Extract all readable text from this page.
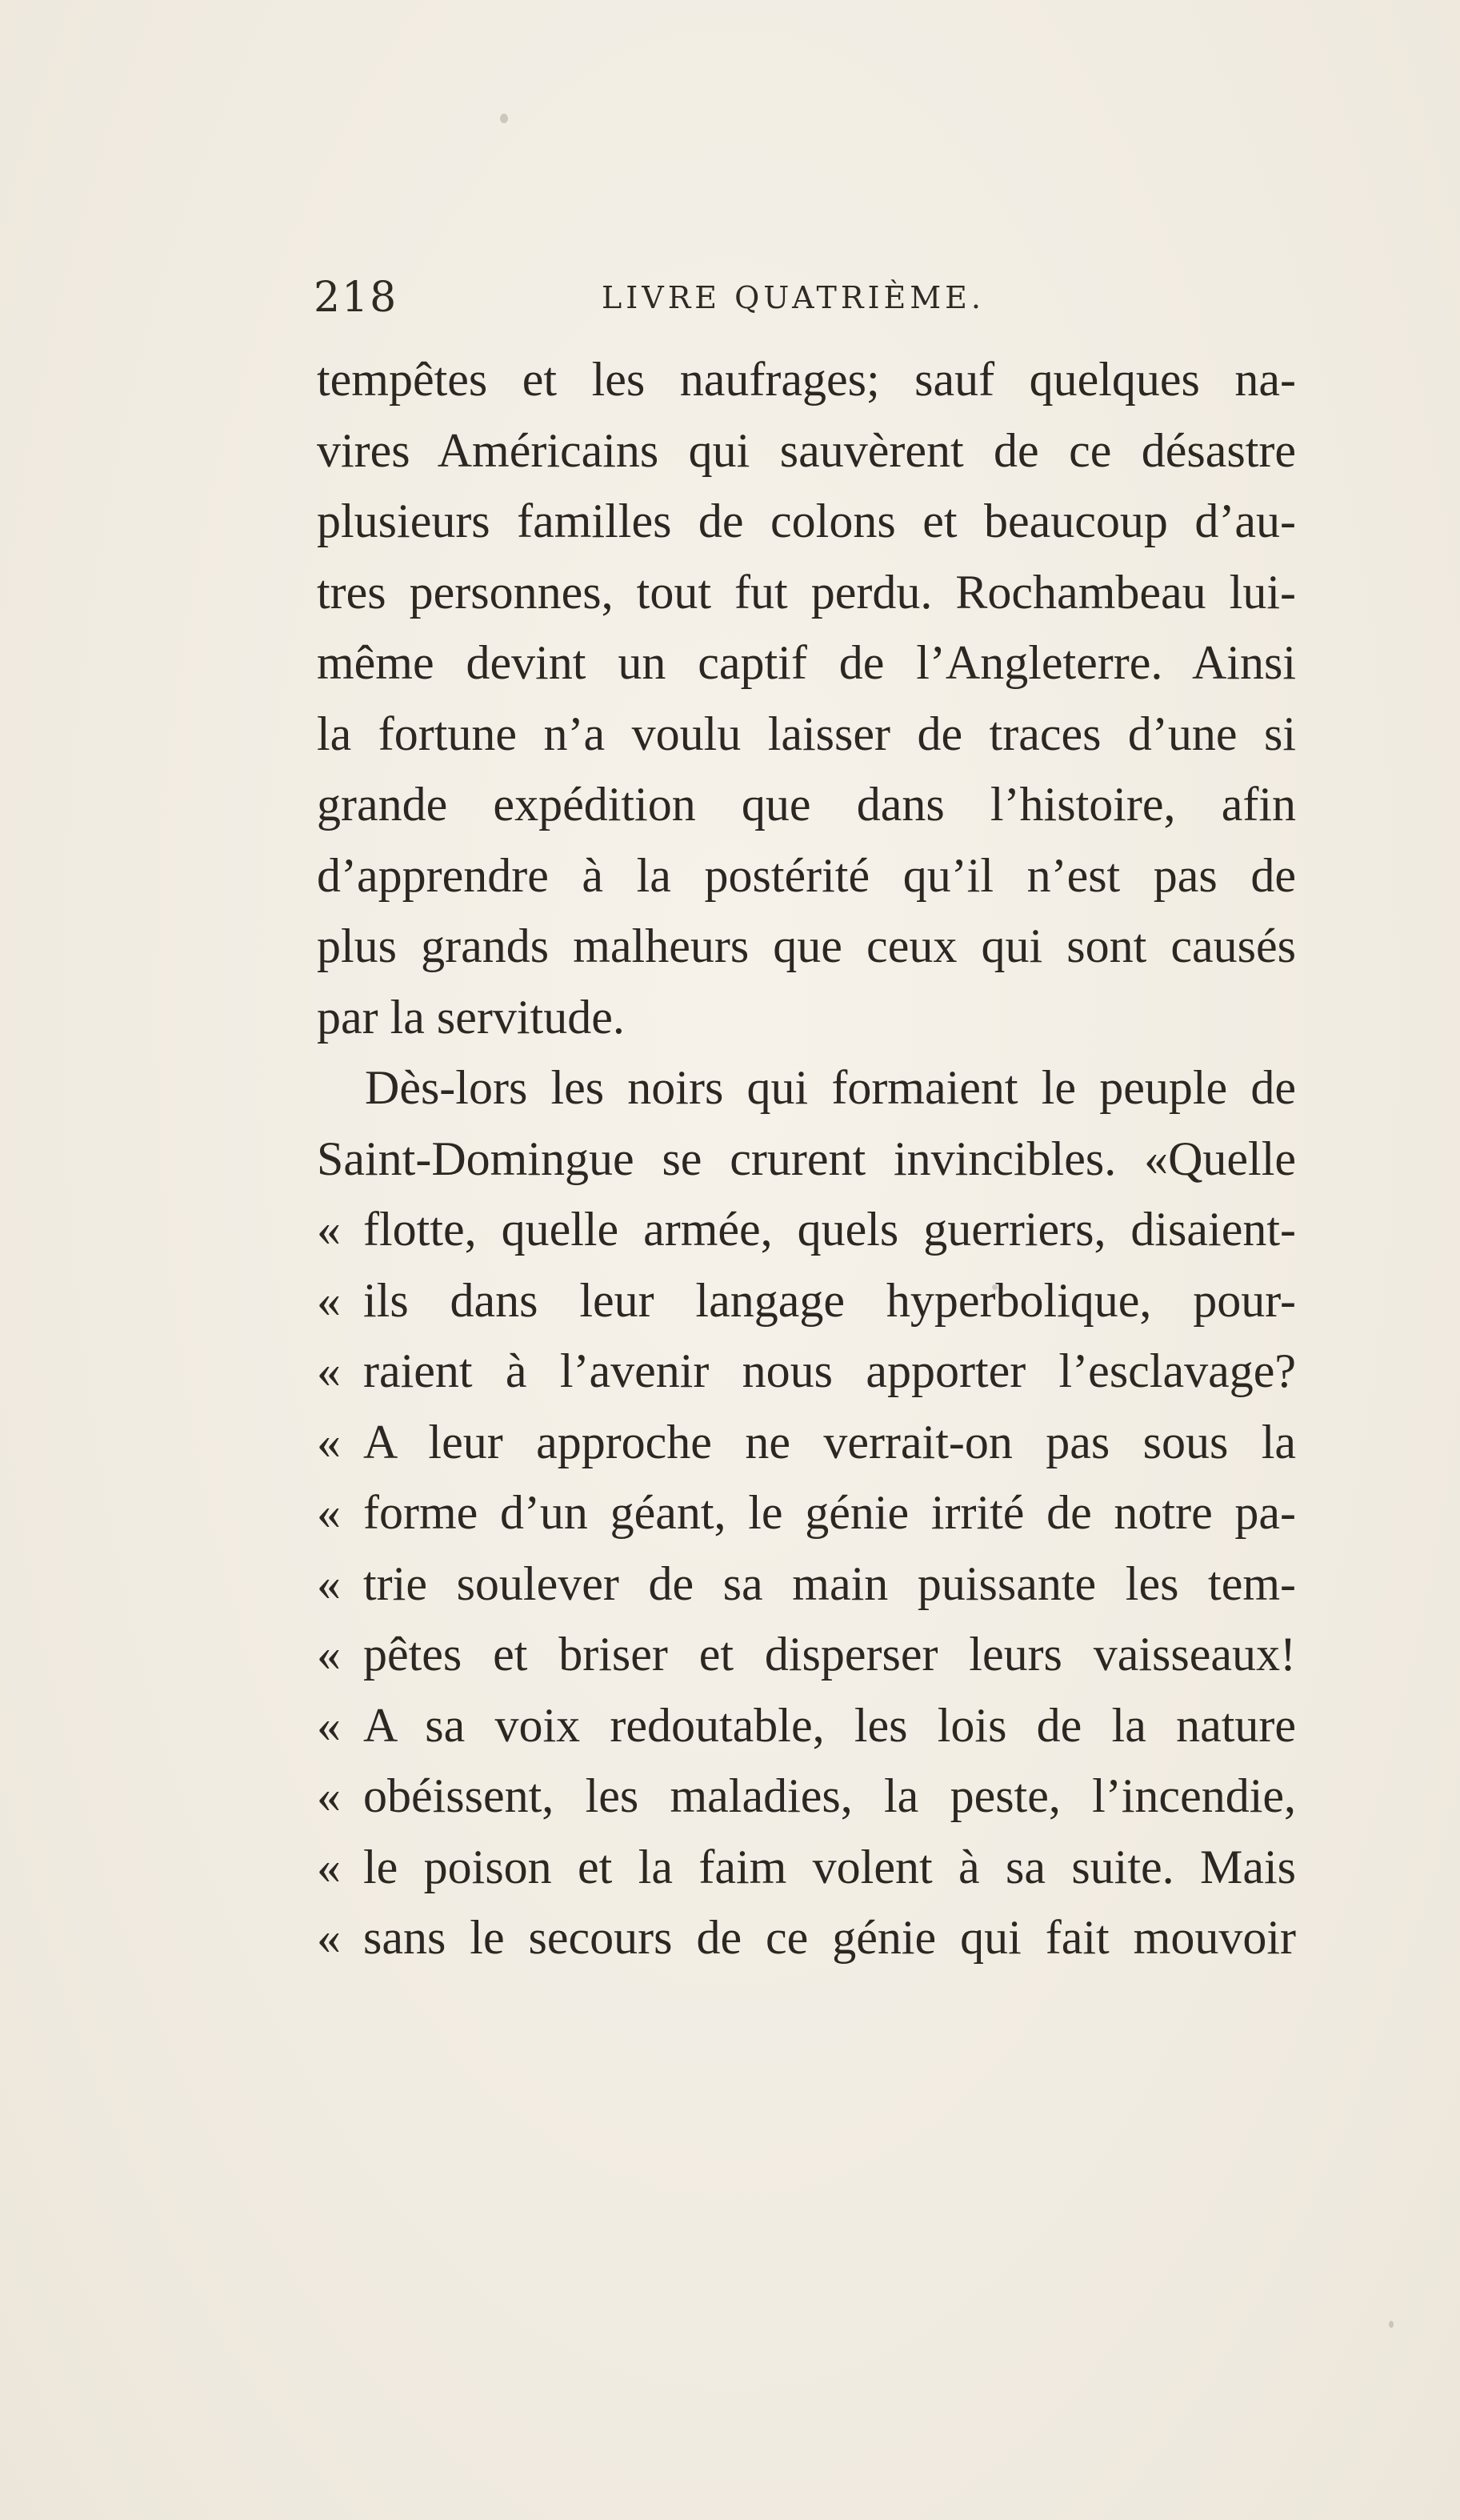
218	LIVRE QUATRIÈME.
tempêtes et les naufrages; sauf quelques na-
vires Américains qui sauvèrent de ce désastre
plusieurs familles de colons et beaucoup d’au-
tres personnes, tout fut perdu. Rochambeau lui-
même devint un captif de l’Angleterre. Ainsi
la fortune n’a voulu laisser de traces d’une si
grande expédition que dans l’histoire, afin
d’apprendre à la postérité qu’il n’est pas de
plus grands malheurs que ceux qui sont causés
par la servitude.
Dès-lors les noirs qui formaient le peuple de
Saint-Domingue se crurent invincibles. «Quelle
« flotte, quelle armée, quels guerriers, disaient-
« ils dans leur langage hyperbolique, pour-
« raient à l’avenir nous apporter l’esclavage?
« A leur approche ne verrait-on pas sous la
« forme d’un géant, le génie irrité de notre pa-
« trie soulever de sa main puissante les tem-
« pêtes et briser et disperser leurs vaisseaux!
« A sa voix redoutable, les lois de la nature
« obéissent, les maladies, la peste, l’incendie,
« le poison et la faim volent à sa suite. Mais
« sans le secours de ce génie qui fait mouvoir
